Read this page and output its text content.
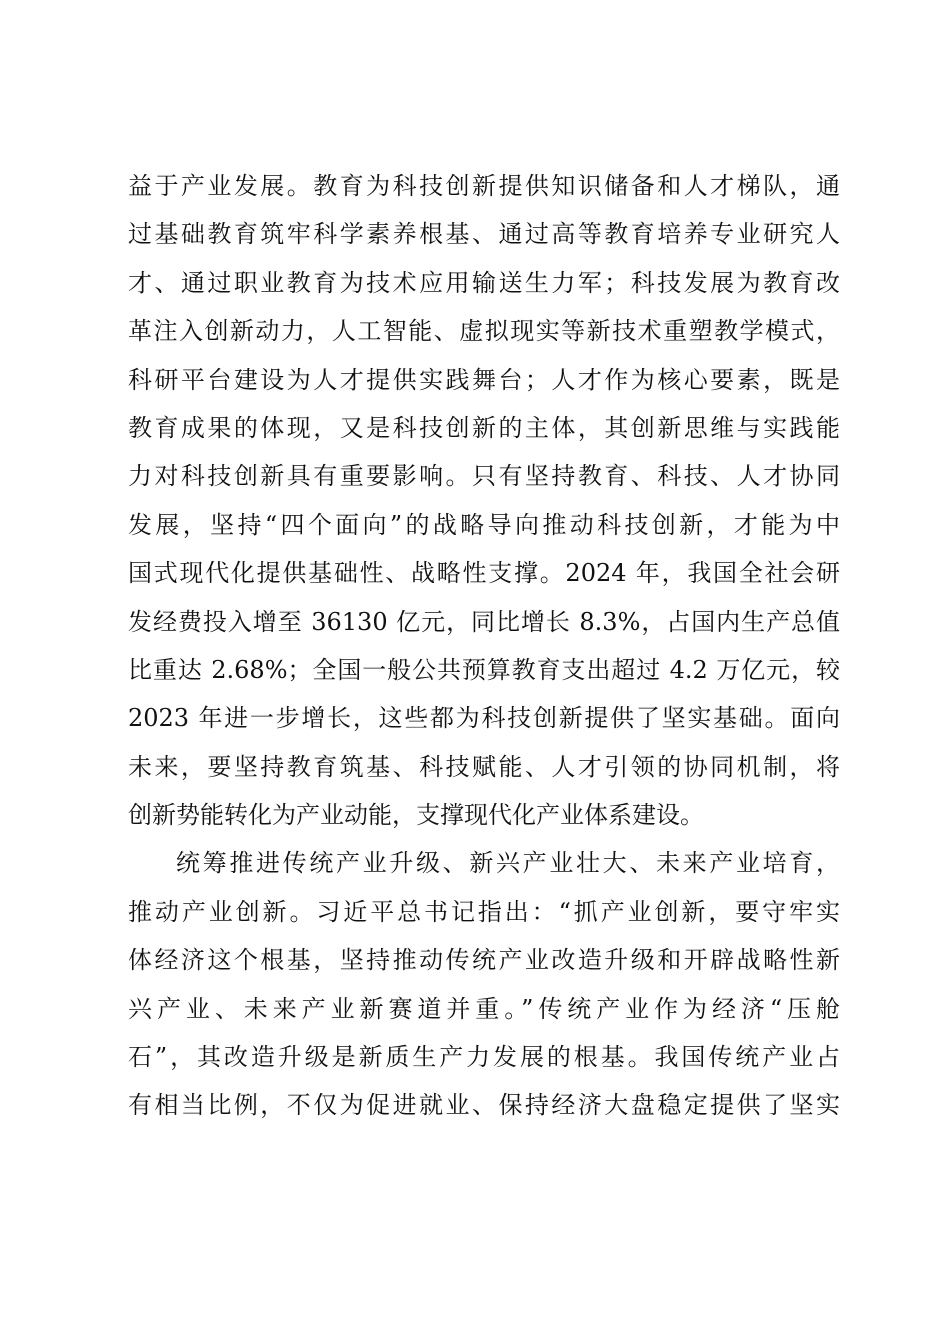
益于产业发展。教育为科技创新提供知识储备和人才梯队，通
过基础教育筑牢科学素养根基、通过高等教育培养专业研究人
才、通过职业教育为技术应用输送生力军；科技发展为教育改
革注入创新动力，人工智能、虚拟现实等新技术重塑教学模式，
科研平台建设为人才提供实践舞台；人才作为核心要素，既是
教育成果的体现，又是科技创新的主体，其创新思维与实践能
力对科技创新具有重要影响。只有坚持教育、科技、人才协同
发展，坚持“四个面向”的战略导向推动科技创新，才能为中
国式现代化提供基础性、战略性支撑。2024 年，我国全社会研
发经费投入增至 36130 亿元，同比增长 8.3%，占国内生产总值
比重达 2.68%；全国一般公共预算教育支出超过 4.2 万亿元，较
2023 年进一步增长，这些都为科技创新提供了坚实基础。面向
未来，要坚持教育筑基、科技赋能、人才引领的协同机制，将
创新势能转化为产业动能，支撑现代化产业体系建设。
统筹推进传统产业升级、新兴产业壮大、未来产业培育，
推动产业创新。习近平总书记指出：“抓产业创新，要守牢实
体经济这个根基，坚持推动传统产业改造升级和开辟战略性新
兴产业、未来产业新赛道并重。”传统产业作为经济“压舱
石”，其改造升级是新质生产力发展的根基。我国传统产业占
有相当比例，不仅为促进就业、保持经济大盘稳定提供了坚实
